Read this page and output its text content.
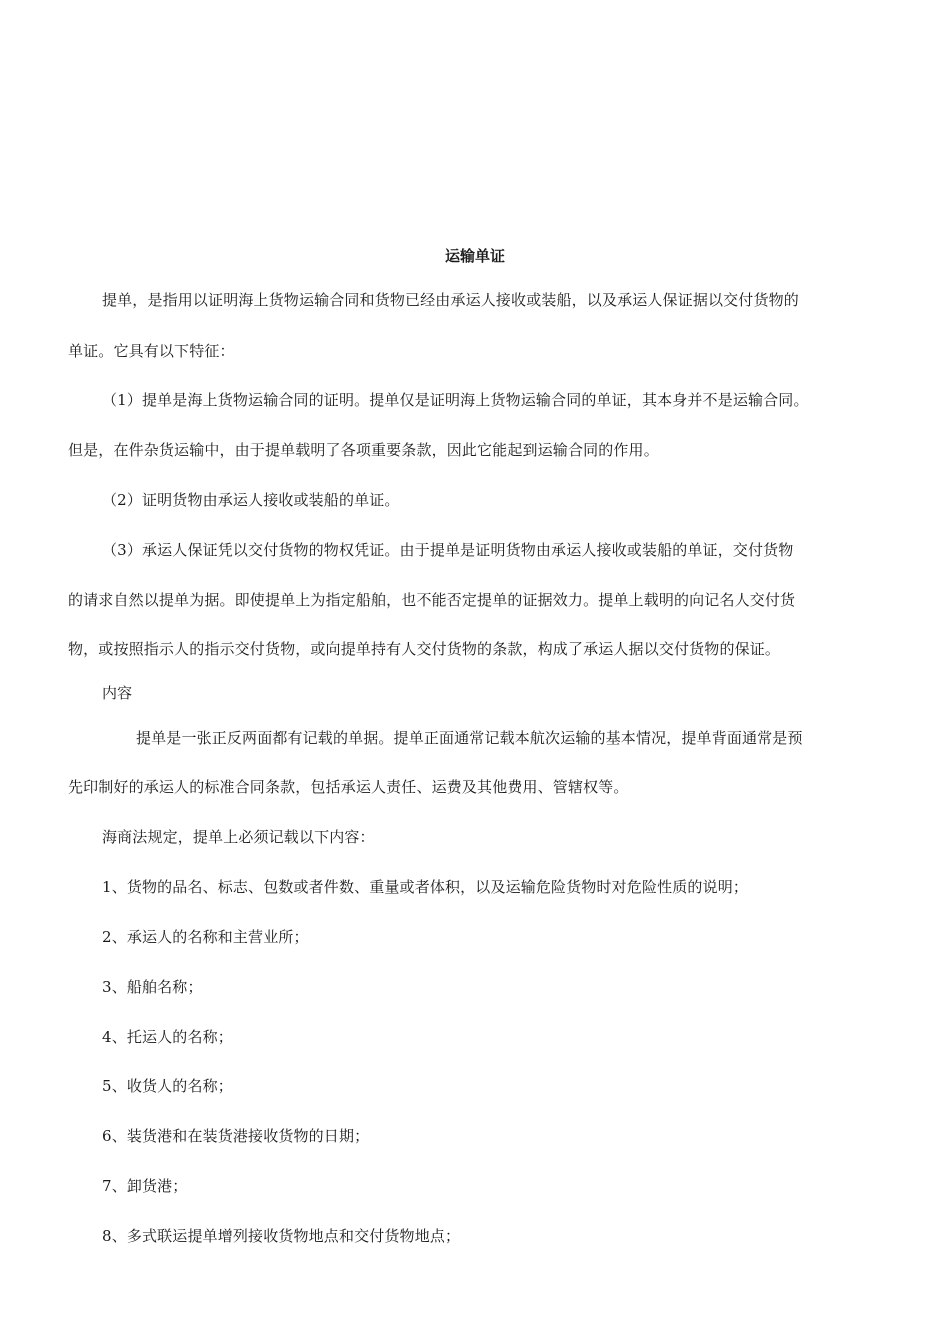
运输单证
提单，是指用以证明海上货物运输合同和货物已经由承运人接收或装船，以及承运人保证据以交付货物的
单证。它具有以下特征：
（1）提单是海上货物运输合同的证明。提单仅是证明海上货物运输合同的单证，其本身并不是运输合同。
但是，在件杂货运输中，由于提单载明了各项重要条款，因此它能起到运输合同的作用。
（2）证明货物由承运人接收或装船的单证。
（3）承运人保证凭以交付货物的物权凭证。由于提单是证明货物由承运人接收或装船的单证，交付货物
的请求自然以提单为据。即使提单上为指定船舶，也不能否定提单的证据效力。提单上载明的向记名人交付货
物，或按照指示人的指示交付货物，或向提单持有人交付货物的条款，构成了承运人据以交付货物的保证。
内容
提单是一张正反两面都有记载的单据。提单正面通常记载本航次运输的基本情况，提单背面通常是预
先印制好的承运人的标准合同条款，包括承运人责任、运费及其他费用、管辖权等。
海商法规定，提单上必须记载以下内容：
1、货物的品名、标志、包数或者件数、重量或者体积，以及运输危险货物时对危险性质的说明；
2、承运人的名称和主营业所；
3、船舶名称；
4、托运人的名称；
5、收货人的名称；
6、装货港和在装货港接收货物的日期；
7、卸货港；
8、多式联运提单增列接收货物地点和交付货物地点；
